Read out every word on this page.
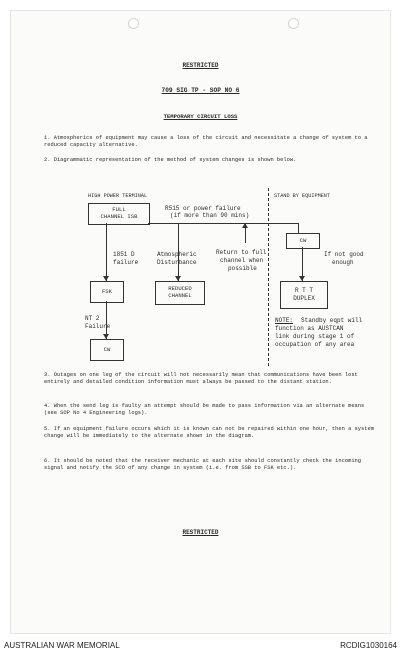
RESTRICTED
709 SIG TP - SOP NO 6
TEMPORARY CIRCUIT LOSS
1. Atmospherics of equipment may cause a loss of the circuit and necessitate a change of system to a reduced capacity alternative.
2. Diagrammatic representation of the method of system changes is shown below.
HIGH POWER TERMINAL	STAND BY EQUIPMENT
FULL
CHANNEL ISB
R515 or power failure
(if more than 90 mins)
CW
1851 D
failure
Atmospheric
Disturbance
Return to full
channel when
possible
If not good
enough
FSK	REDUCED
CHANNEL
R T T
DUPLEX
NT 2
Failure
CW
NOTE: Standby eqpt will
function as AUSTCAN
link during stage 1 of
occupation of any area
3. Outages on one leg of the circuit will not necessarily mean that communications have been lost entirely and detailed condition information must always be passed to the distant station.
4. When the send leg is faulty an attempt should be made to pass information via an alternate means (see SOP No 4 Engineering logs).
5. If an equipment failure occurs which it is known can not be repaired within one hour, then a system change will be immediately to the alternate shown in the diagram.
6. It should be noted that the receiver mechanic at each site should constantly check the incoming signal and notify the SCO of any change in system (i.e. from SSB to FSK etc.).
RESTRICTED
AUSTRALIAN WAR MEMORIAL	RCDIG1030164
